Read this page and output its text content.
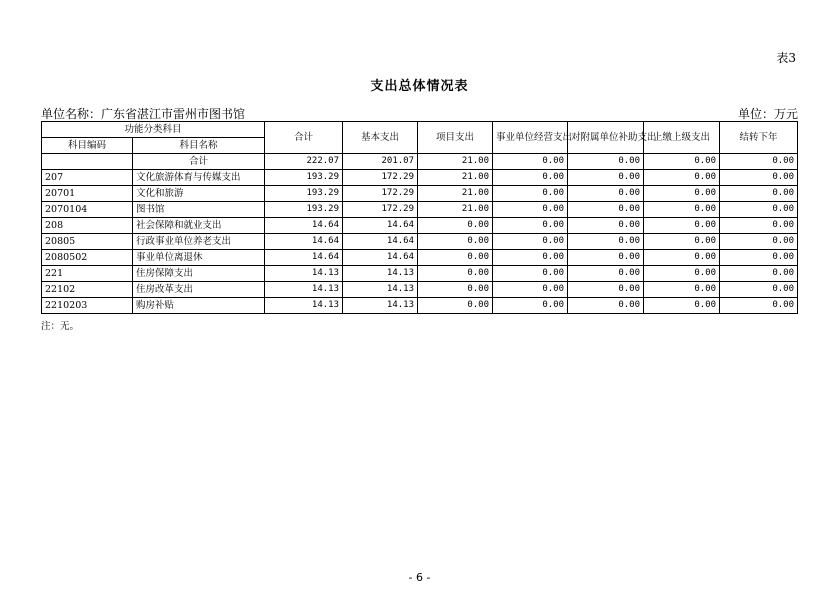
表3
支出总体情况表
单位名称：广东省湛江市雷州市图书馆	单位：万元
功能分类科目		合计	基本支出	项目支出	事业单位经营支出	对附属单位补助支出	上缴上级支出	结转下年
科目编码	科目名称							
	合计	222.07	201.07	21.00	0.00	0.00	0.00	0.00
207	文化旅游体育与传媒支出	193.29	172.29	21.00	0.00	0.00	0.00	0.00
20701	文化和旅游	193.29	172.29	21.00	0.00	0.00	0.00	0.00
2070104	图书馆	193.29	172.29	21.00	0.00	0.00	0.00	0.00
208	社会保障和就业支出	14.64	14.64	0.00	0.00	0.00	0.00	0.00
20805	行政事业单位养老支出	14.64	14.64	0.00	0.00	0.00	0.00	0.00
2080502	事业单位离退休	14.64	14.64	0.00	0.00	0.00	0.00	0.00
221	住房保障支出	14.13	14.13	0.00	0.00	0.00	0.00	0.00
22102	住房改革支出	14.13	14.13	0.00	0.00	0.00	0.00	0.00
2210203	购房补贴	14.13	14.13	0.00	0.00	0.00	0.00	0.00
注：无。
- 6 -
